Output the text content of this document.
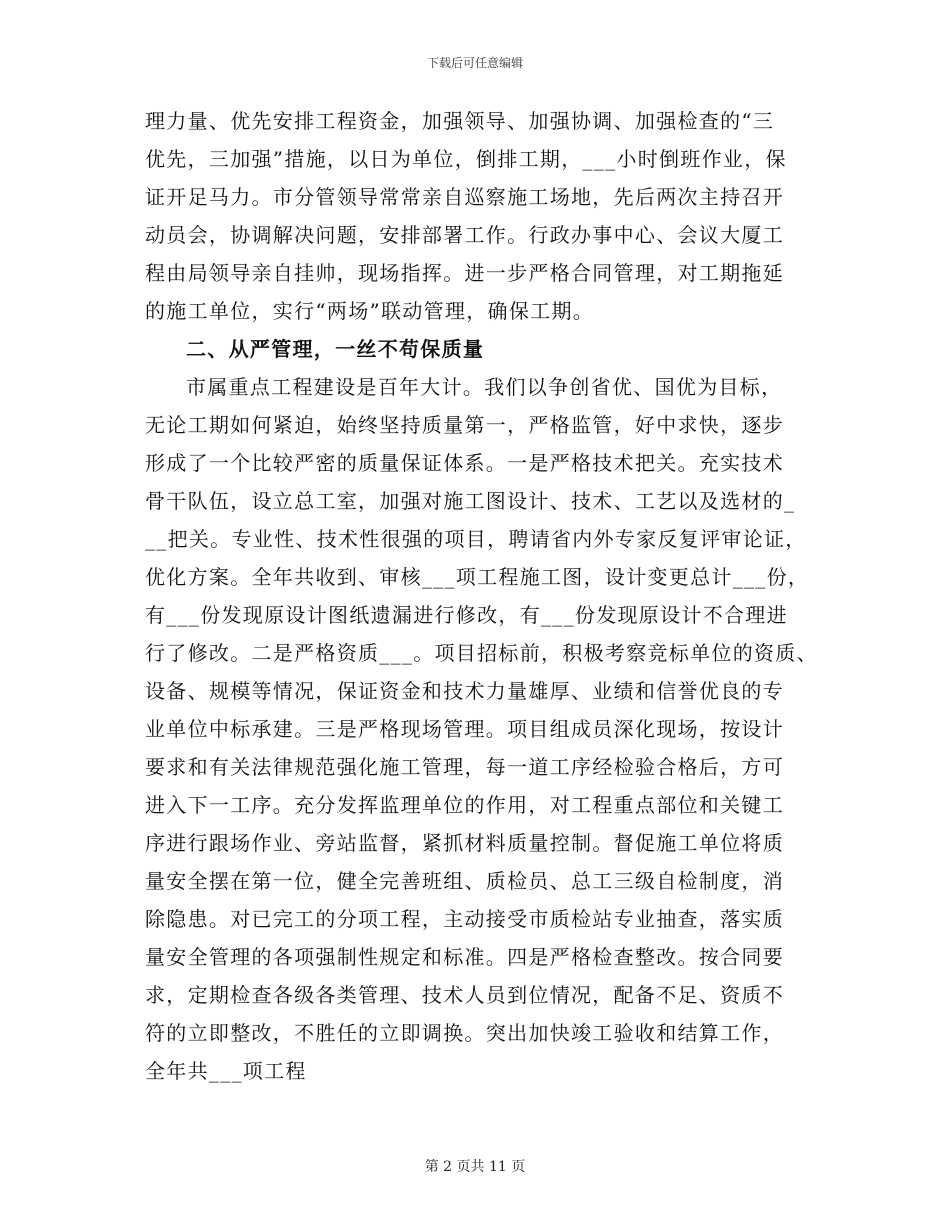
下载后可任意编辑
理力量、优先安排工程资金，加强领导、加强协调、加强检查的“三
优先，三加强”措施，以日为单位，倒排工期，___小时倒班作业，保
证开足马力。市分管领导常常亲自巡察施工场地，先后两次主持召开
动员会，协调解决问题，安排部署工作。行政办事中心、会议大厦工
程由局领导亲自挂帅，现场指挥。进一步严格合同管理，对工期拖延
的施工单位，实行“两场”联动管理，确保工期。
二、从严管理，一丝不苟保质量
市属重点工程建设是百年大计。我们以争创省优、国优为目标，
无论工期如何紧迫，始终坚持质量第一，严格监管，好中求快，逐步
形成了一个比较严密的质量保证体系。一是严格技术把关。充实技术
骨干队伍，设立总工室，加强对施工图设计、技术、工艺以及选材的_
__把关。专业性、技术性很强的项目，聘请省内外专家反复评审论证，
优化方案。全年共收到、审核___项工程施工图，设计变更总计___份，
有___份发现原设计图纸遗漏进行修改，有___份发现原设计不合理进
行了修改。二是严格资质___。项目招标前，积极考察竞标单位的资质、
设备、规模等情况，保证资金和技术力量雄厚、业绩和信誉优良的专
业单位中标承建。三是严格现场管理。项目组成员深化现场，按设计
要求和有关法律规范强化施工管理，每一道工序经检验合格后，方可
进入下一工序。充分发挥监理单位的作用，对工程重点部位和关键工
序进行跟场作业、旁站监督，紧抓材料质量控制。督促施工单位将质
量安全摆在第一位，健全完善班组、质检员、总工三级自检制度，消
除隐患。对已完工的分项工程，主动接受市质检站专业抽查，落实质
量安全管理的各项强制性规定和标准。四是严格检查整改。按合同要
求，定期检查各级各类管理、技术人员到位情况，配备不足、资质不
符的立即整改，不胜任的立即调换。突出加快竣工验收和结算工作，
全年共___项工程
第 2 页共 11 页
